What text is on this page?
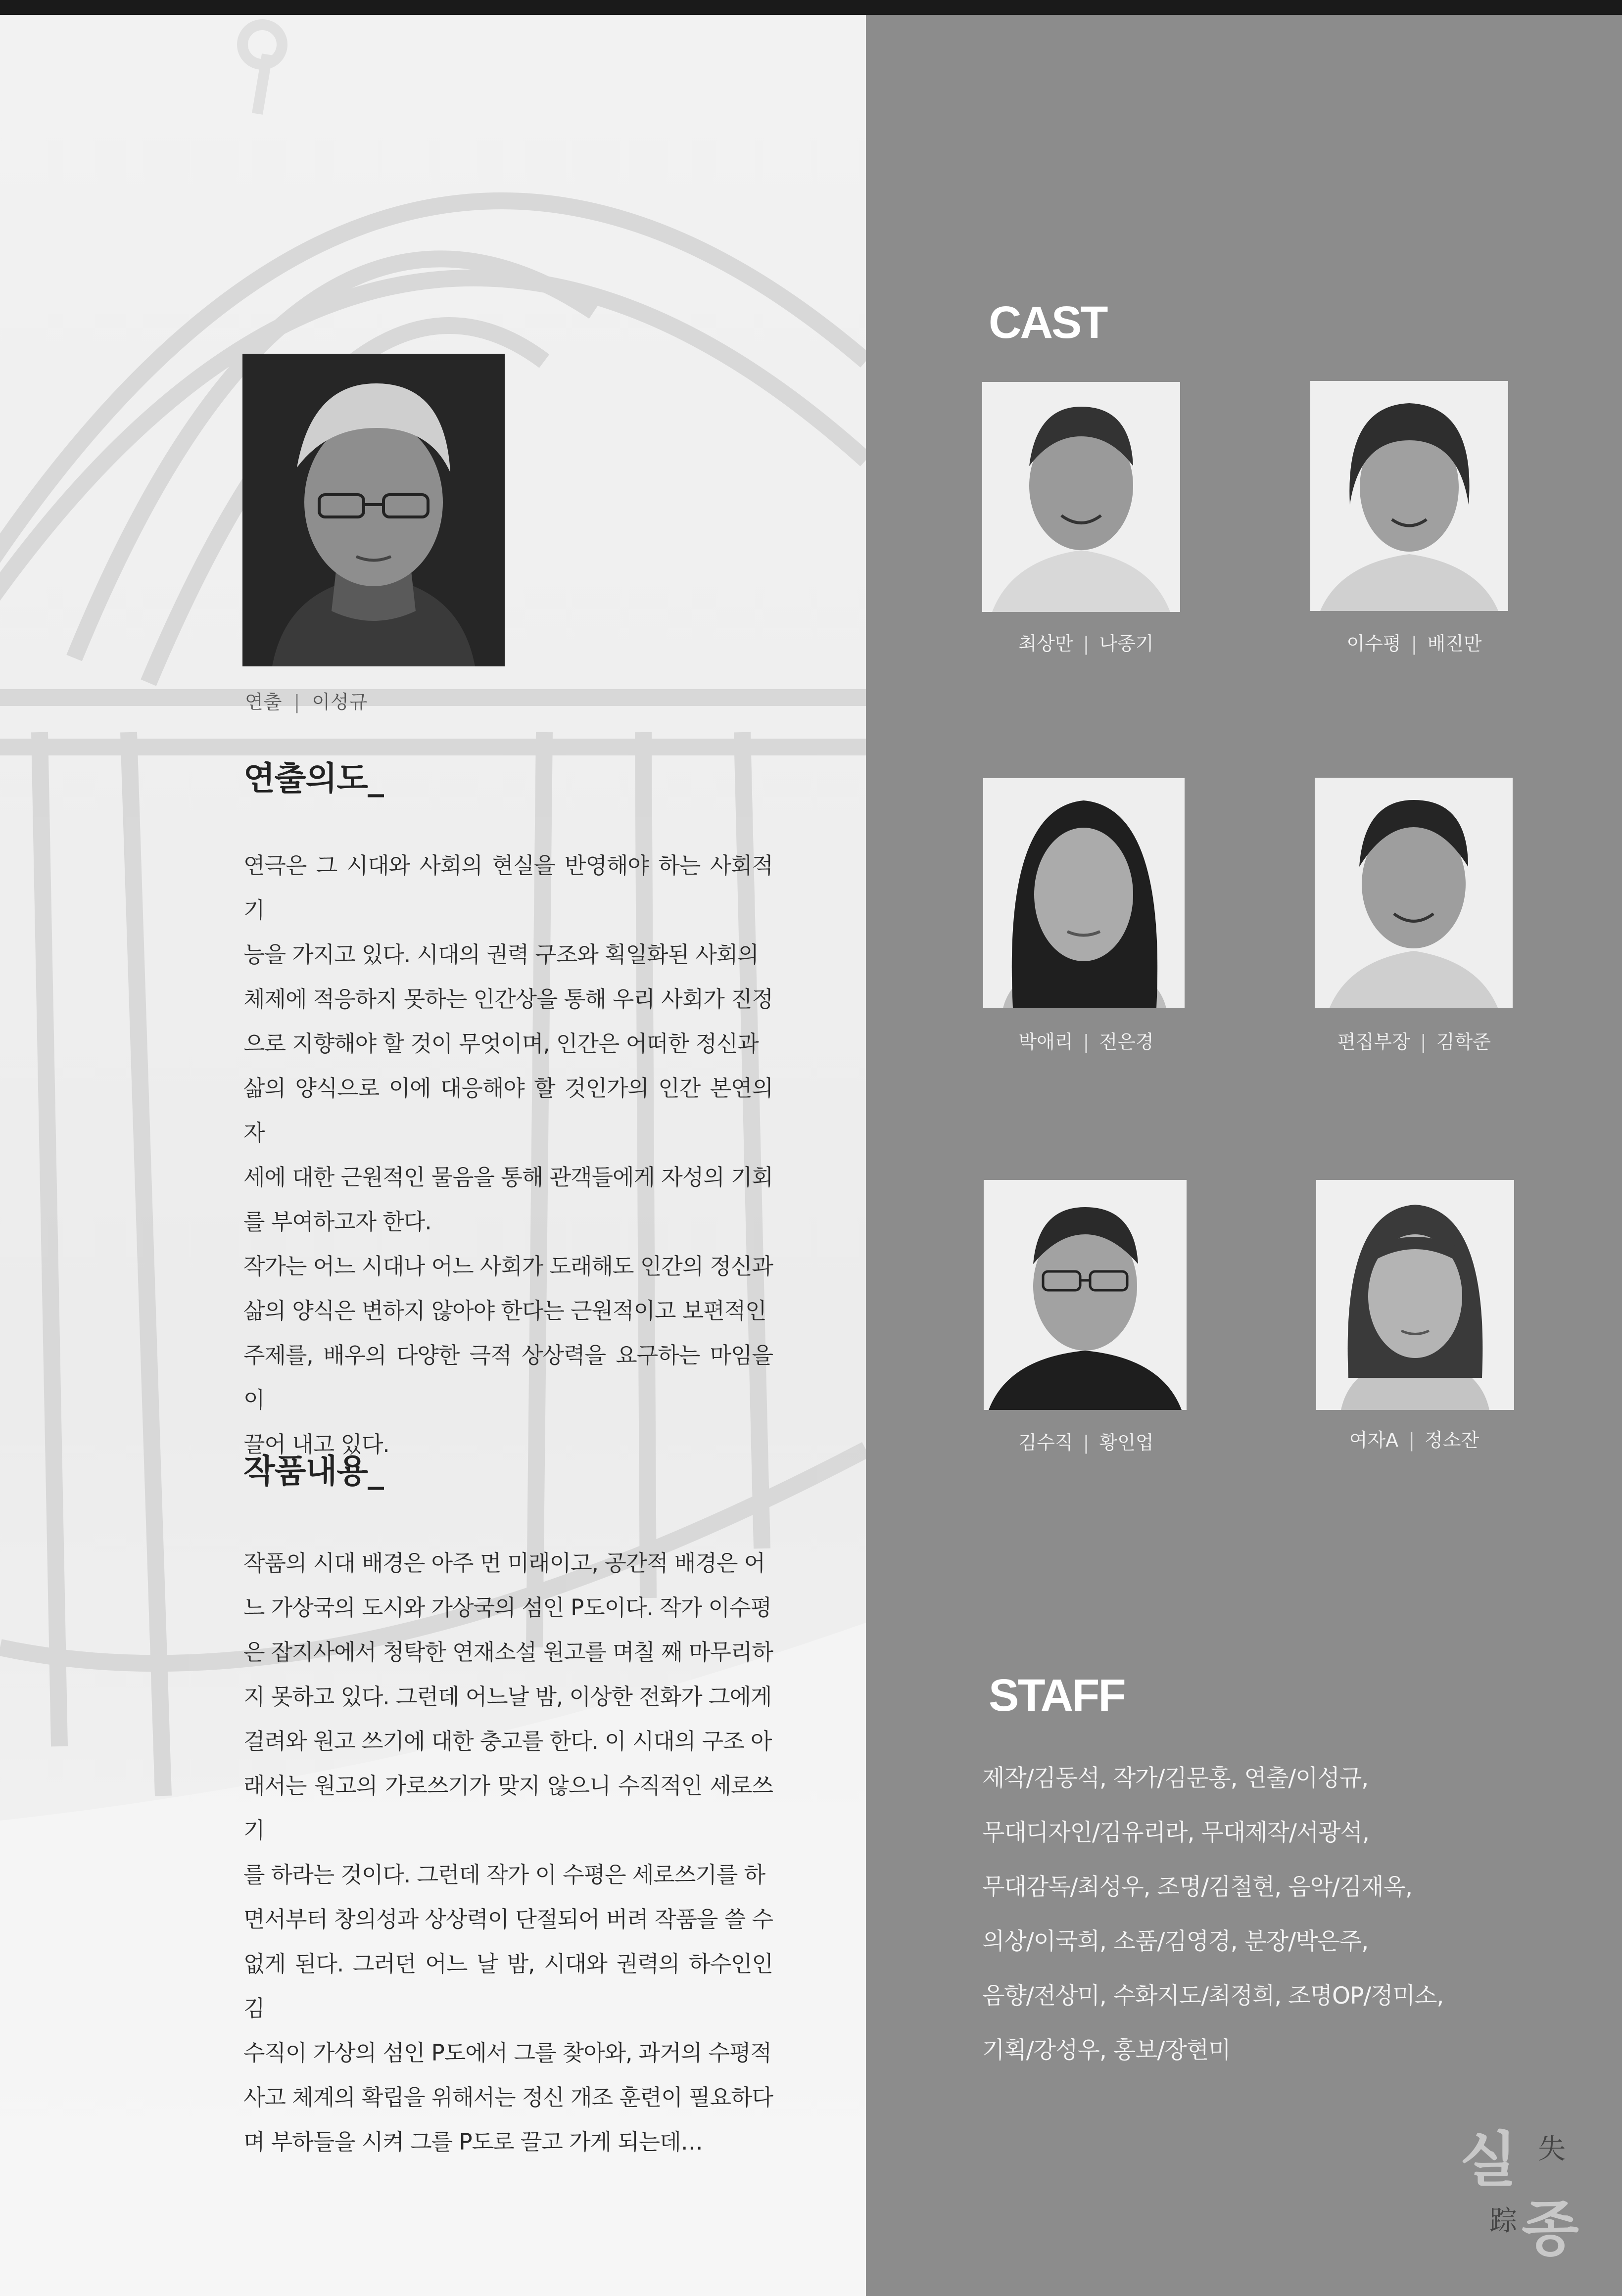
연출 | 이성규
연출의도_

연극은 그 시대와 사회의 현실을 반영해야 하는 사회적 기

능을 가지고 있다. 시대의 권력 구조와 획일화된 사회의

체제에 적응하지 못하는 인간상을 통해 우리 사회가 진정

으로 지향해야 할 것이 무엇이며, 인간은 어떠한 정신과

삶의 양식으로 이에 대응해야 할 것인가의 인간 본연의 자

세에 대한 근원적인 물음을 통해 관객들에게 자성의 기회

를 부여하고자 한다.

작가는 어느 시대나 어느 사회가 도래해도 인간의 정신과

삶의 양식은 변하지 않아야 한다는 근원적이고 보편적인

주제를, 배우의 다양한 극적 상상력을 요구하는 마임을 이

끌어 내고 있다.

작품내용_

작품의 시대 배경은 아주 먼 미래이고, 공간적 배경은 어

느 가상국의 도시와 가상국의 섬인 P도이다. 작가 이수평

은 잡지사에서 청탁한 연재소설 원고를 며칠 째 마무리하

지 못하고 있다. 그런데 어느날 밤, 이상한 전화가 그에게

걸려와 원고 쓰기에 대한 충고를 한다. 이 시대의 구조 아

래서는 원고의 가로쓰기가 맞지 않으니 수직적인 세로쓰기

를 하라는 것이다. 그런데 작가 이 수평은 세로쓰기를 하

면서부터 창의성과 상상력이 단절되어 버려 작품을 쓸 수

없게 된다. 그러던 어느 날 밤, 시대와 권력의 하수인인 김

수직이 가상의 섬인 P도에서 그를 찾아와, 과거의 수평적

사고 체계의 확립을 위해서는 정신 개조 훈련이 필요하다

며 부하들을 시켜 그를 P도로 끌고 가게 되는데…

CAST
최상만 | 나종기	이수평 | 배진만
박애리 | 전은경	편집부장 | 김학준
김수직 | 황인업	여자A | 정소잔
STAFF
제작/김동석, 작가/김문홍, 연출/이성규,
무대디자인/김유리라, 무대제작/서광석,
무대감독/최성우, 조명/김철현, 음악/김재옥,
의상/이국희, 소품/김영경, 분장/박은주,
음향/전상미, 수화지도/최정희, 조명OP/정미소,
기획/강성우, 홍보/장현미
실 失
踪 종
